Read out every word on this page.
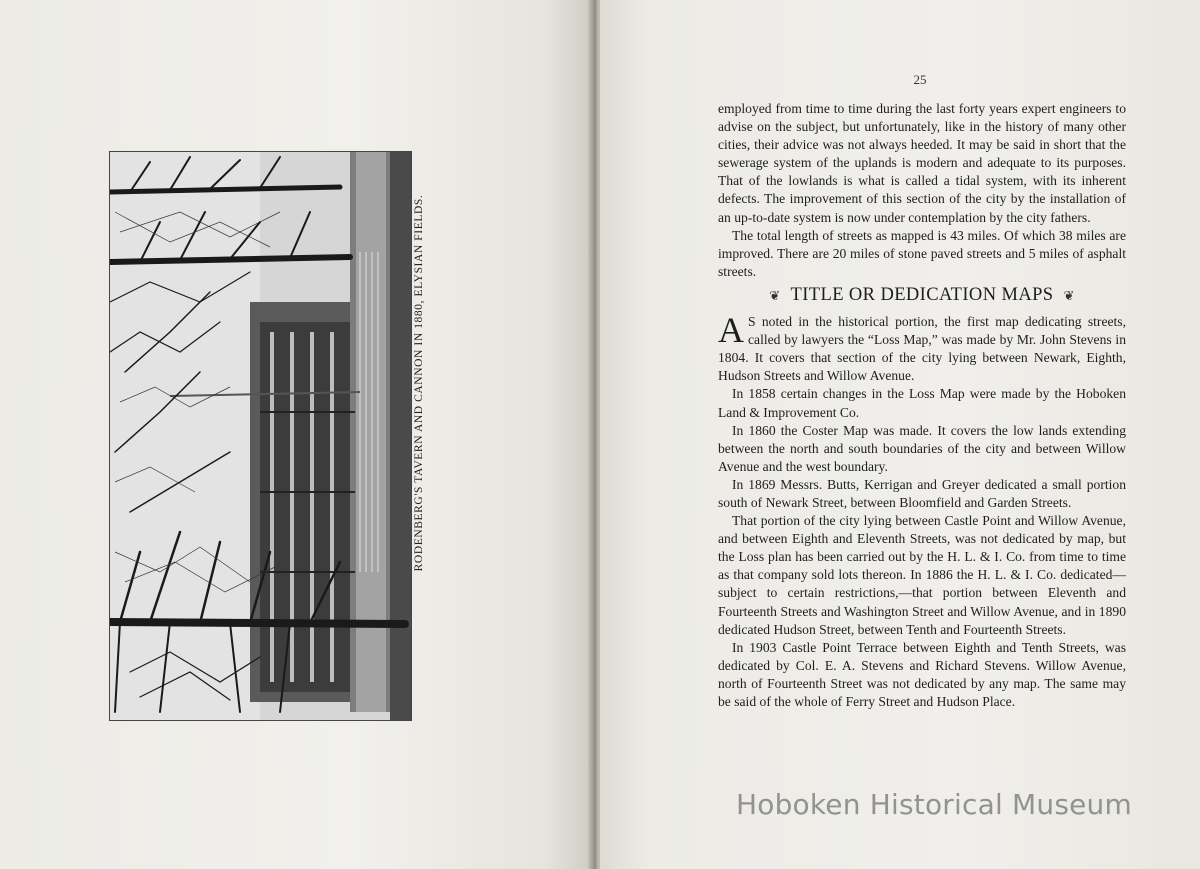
RODENBERG'S TAVERN AND CANNON IN 1880, ELYSIAN FIELDS.
25

employed from time to time during the last forty years expert engineers to advise on the subject, but unfortunately, like in the history of many other cities, their advice was not always heeded. It may be said in short that the sewerage system of the uplands is modern and adequate to its purposes. That of the lowlands is what is called a tidal system, with its inherent defects. The improvement of this section of the city by the installation of an up-to-date system is now under contemplation by the city fathers.

The total length of streets as mapped is 43 miles. Of which 38 miles are improved. There are 20 miles of stone paved streets and 5 miles of asphalt streets.

❦ TITLE OR DEDICATION MAPS ❦

A S noted in the historical portion, the first map dedicating streets, called by lawyers the “Loss Map,” was made by Mr. John Stevens in 1804. It covers that section of the city lying between Newark, Eighth, Hudson Streets and Willow Avenue.

In 1858 certain changes in the Loss Map were made by the Hoboken Land & Improvement Co.

In 1860 the Coster Map was made. It covers the low lands extending between the north and south boundaries of the city and between Willow Avenue and the west boundary.

In 1869 Messrs. Butts, Kerrigan and Greyer dedicated a small portion south of Newark Street, between Bloomfield and Garden Streets.

That portion of the city lying between Castle Point and Willow Avenue, and between Eighth and Eleventh Streets, was not dedicated by map, but the Loss plan has been carried out by the H. L. & I. Co. from time to time as that company sold lots thereon. In 1886 the H. L. & I. Co. dedicated—subject to certain restrictions,—that portion between Eleventh and Fourteenth Streets and Washington Street and Willow Avenue, and in 1890 dedicated Hudson Street, between Tenth and Fourteenth Streets.

In 1903 Castle Point Terrace between Eighth and Tenth Streets, was dedicated by Col. E. A. Stevens and Richard Stevens. Willow Avenue, north of Fourteenth Street was not dedicated by any map. The same may be said of the whole of Ferry Street and Hudson Place.

Hoboken Historical Museum
